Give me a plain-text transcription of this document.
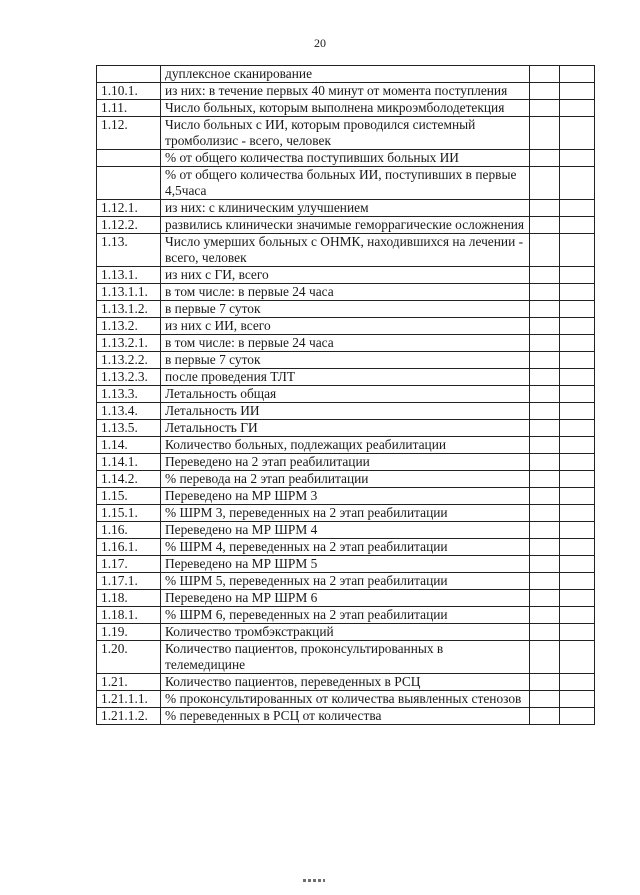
20
	дуплексное сканирование		
1.10.1.	из них: в течение первых 40 минут от момента поступления		
1.11.	Число больных, которым выполнена микроэмболодетекция		
1.12.	Число больных с ИИ, которым проводился системный тромболизис - всего, человек		
	% от общего количества поступивших больных ИИ		
	% от общего количества больных ИИ, поступивших в первые 4,5часа		
1.12.1.	из них: с клиническим улучшением		
1.12.2.	развились клинически значимые геморрагические осложнения		
1.13.	Число умерших больных с ОНМК, находившихся на лечении - всего, человек		
1.13.1.	из них с ГИ, всего		
1.13.1.1.	в том числе: в первые 24 часа		
1.13.1.2.	в первые 7 суток		
1.13.2.	из них с ИИ, всего		
1.13.2.1.	в том числе: в первые 24 часа		
1.13.2.2.	в первые 7 суток		
1.13.2.3.	после проведения ТЛТ		
1.13.3.	Летальность общая		
1.13.4.	Летальность ИИ		
1.13.5.	Летальность ГИ		
1.14.	Количество больных, подлежащих реабилитации		
1.14.1.	Переведено на 2 этап реабилитации		
1.14.2.	% перевода на 2 этап реабилитации		
1.15.	Переведено на МР ШРМ 3		
1.15.1.	% ШРМ 3, переведенных на 2 этап реабилитации		
1.16.	Переведено на МР ШРМ 4		
1.16.1.	% ШРМ 4, переведенных на 2 этап реабилитации		
1.17.	Переведено на МР ШРМ 5		
1.17.1.	% ШРМ 5, переведенных на 2 этап реабилитации		
1.18.	Переведено на МР ШРМ 6		
1.18.1.	% ШРМ 6, переведенных на 2 этап реабилитации		
1.19.	Количество тромбэкстракций		
1.20.	Количество пациентов, проконсультированных в телемедицине		
1.21.	Количество пациентов, переведенных в РСЦ		
1.21.1.1.	% проконсультированных от количества выявленных стенозов		
1.21.1.2.	% переведенных в РСЦ от количества		
